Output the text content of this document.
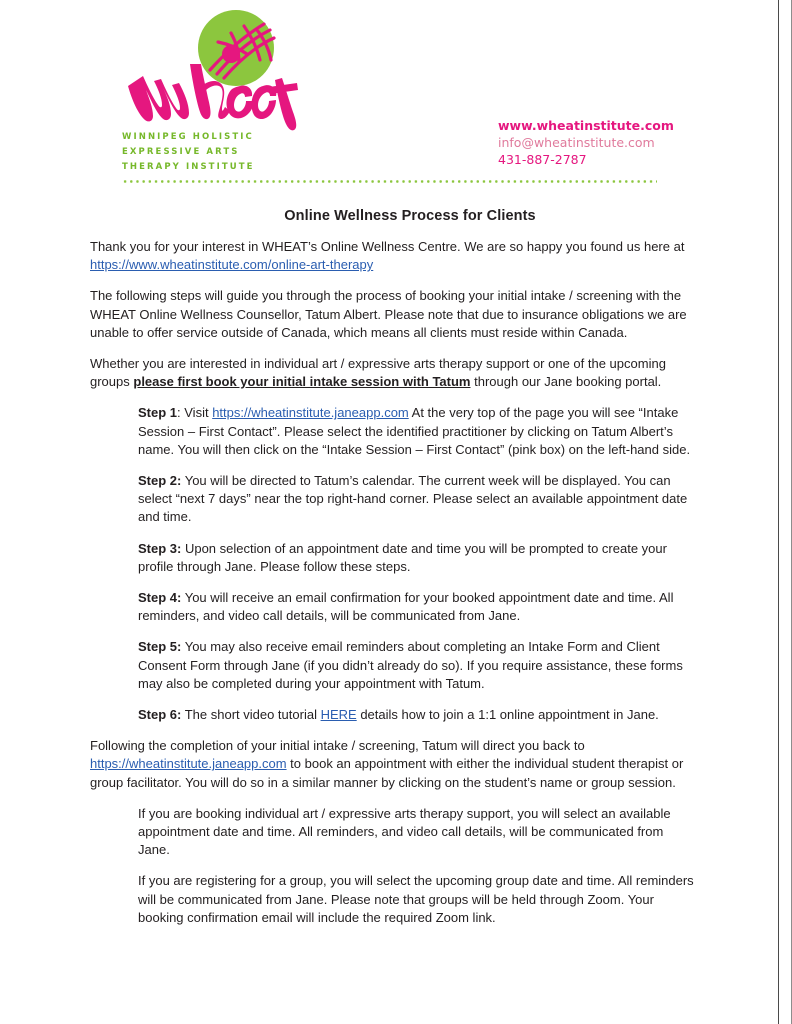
WINNIPEG HOLISTIC
EXPRESSIVE ARTS
THERAPY INSTITUTE
www.wheatinstitute.com
info@wheatinstitute.com
431-887-2787
Online Wellness Process for Clients

Thank you for your interest in WHEAT’s Online Wellness Centre. We are so happy you found us here at https://www.wheatinstitute.com/online-art-therapy

The following steps will guide you through the process of booking your initial intake / screening with the WHEAT Online Wellness Counsellor, Tatum Albert. Please note that due to insurance obligations we are unable to offer service outside of Canada, which means all clients must reside within Canada.

Whether you are interested in individual art / expressive arts therapy support or one of the upcoming groups please first book your initial intake session with Tatum through our Jane booking portal.

Step 1: Visit https://wheatinstitute.janeapp.com At the very top of the page you will see “Intake Session – First Contact”. Please select the identified practitioner by clicking on Tatum Albert’s name. You will then click on the “Intake Session – First Contact” (pink box) on the left-hand side.

Step 2: You will be directed to Tatum’s calendar. The current week will be displayed. You can select “next 7 days” near the top right-hand corner. Please select an available appointment date and time.

Step 3: Upon selection of an appointment date and time you will be prompted to create your profile through Jane. Please follow these steps.

Step 4: You will receive an email confirmation for your booked appointment date and time. All reminders, and video call details, will be communicated from Jane.

Step 5: You may also receive email reminders about completing an Intake Form and Client Consent Form through Jane (if you didn’t already do so). If you require assistance, these forms may also be completed during your appointment with Tatum.

Step 6: The short video tutorial HERE details how to join a 1:1 online appointment in Jane.

Following the completion of your initial intake / screening, Tatum will direct you back to https://wheatinstitute.janeapp.com to book an appointment with either the individual student therapist or group facilitator. You will do so in a similar manner by clicking on the student’s name or group session.

If you are booking individual art / expressive arts therapy support, you will select an available appointment date and time. All reminders, and video call details, will be communicated from Jane.

If you are registering for a group, you will select the upcoming group date and time. All reminders will be communicated from Jane. Please note that groups will be held through Zoom. Your booking confirmation email will include the required Zoom link.
